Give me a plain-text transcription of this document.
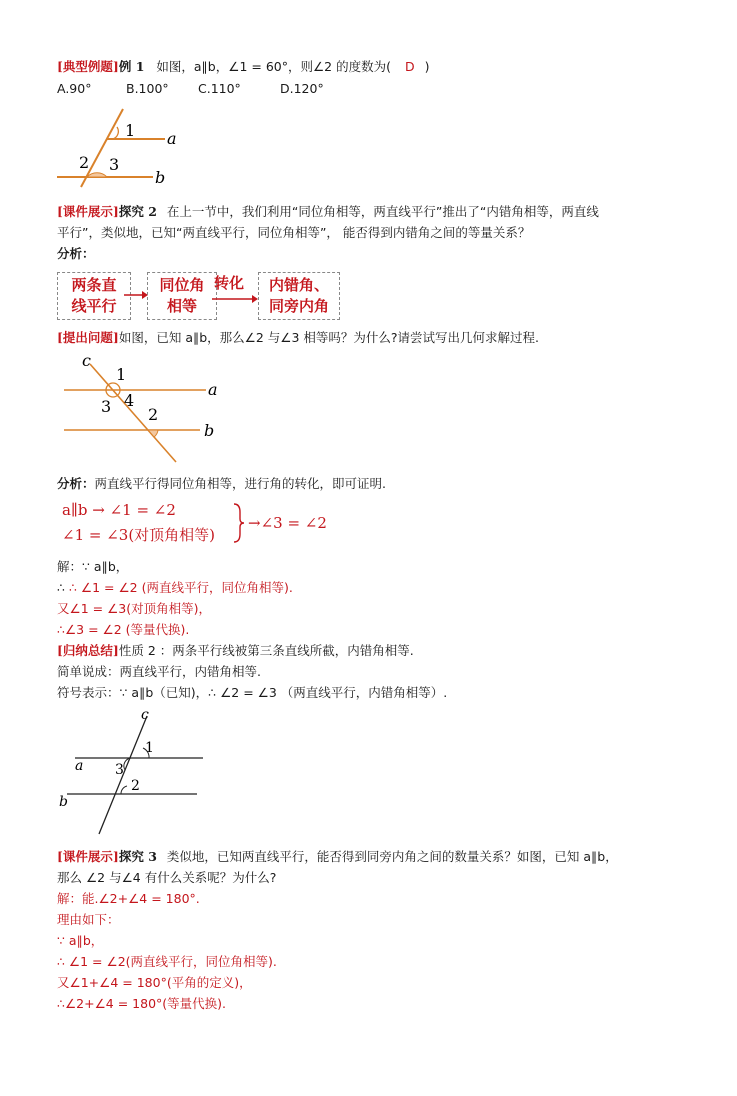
[典型例题]例 1 如图，a∥b，∠1 = 60°，则∠2 的度数为( D )
A.90°	B.100° C.110°	D.120°
1
2 3
a
b
[课件展示]探究 2 在上一节中，我们利用“同位角相等，两直线平行”推出了“内错角相等，两直线
平行”，类似地，已知“两直线平行，同位角相等”， 能否得到内错角之间的等量关系？
分析：
两条直
线平行
同位角
相等
转化	内错角、
同旁内角
[提出问题]如图，已知 a∥b，那么∠2 与∠3 相等吗？为什么?请尝试写出几何求解过程.
c
1
3 4
2
a
b
分析：两直线平行得同位角相等，进行角的转化，即可证明.
a∥b → ∠1 = ∠2
∠1 = ∠3(对顶角相等)
→∠3 = ∠2
解：∵ a∥b，
∴ ∴ ∠1 = ∠2 (两直线平行，同位角相等).
又∠1 = ∠3(对顶角相等)，
∴∠3 = ∠2 (等量代换).
[归纳总结]性质 2 ：两条平行线被第三条直线所截，内错角相等.
简单说成：两直线平行，内错角相等.
符号表示：∵ a∥b（已知)，∴ ∠2 = ∠3 （两直线平行，内错角相等）.
c
1
a 3
2
b
[课件展示]探究 3 类似地，已知两直线平行，能否得到同旁内角之间的数量关系？如图，已知 a∥b，
那么 ∠2 与∠4 有什么关系呢？为什么?
解：能.∠2+∠4 = 180°.
理由如下：
∵ a∥b，
∴ ∠1 = ∠2(两直线平行，同位角相等).
又∠1+∠4 = 180°(平角的定义)，
∴∠2+∠4 = 180°(等量代换).
